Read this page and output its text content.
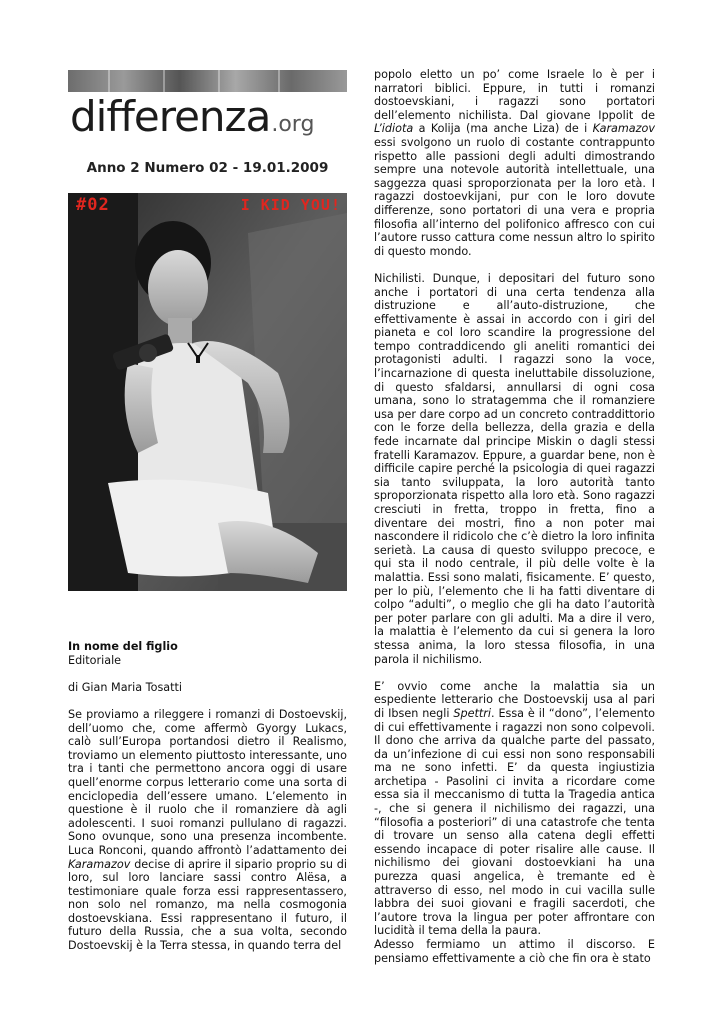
differenza.org
Anno 2 Numero 02 - 19.01.2009
#02	I KID YOU!
In nome del figlio
Editoriale

di Gian Maria Tosatti

Se proviamo a rileggere i romanzi di Dostoevskij, dell’uomo che, come affermò Gyorgy Lukacs, calò sull’Europa portandosi dietro il Realismo, troviamo un elemento piuttosto interessante, uno tra i tanti che permettono ancora oggi di usare quell’enorme corpus letterario come una sorta di enciclopedia dell’essere umano. L’elemento in questione è il ruolo che il romanziere dà agli adolescenti. I suoi romanzi pullulano di ragazzi. Sono ovunque, sono una presenza incombente. Luca Ronconi, quando affrontò l’adattamento dei Karamazov decise di aprire il sipario proprio su di loro, sul loro lanciare sassi contro Alësa, a testimoniare quale forza essi rappresentassero, non solo nel romanzo, ma nella cosmogonia dostoevskiana. Essi rappresentano il futuro, il futuro della Russia, che a sua volta, secondo Dostoevskij è la Terra stessa, in quando terra del

popolo eletto un po’ come Israele lo è per i narratori biblici. Eppure, in tutti i romanzi dostoevskiani, i ragazzi sono portatori dell’elemento nichilista. Dal giovane Ippolit de L’idiota a Kolija (ma anche Liza) de i Karamazov essi svolgono un ruolo di costante contrappunto rispetto alle passioni degli adulti dimostrando sempre una notevole autorità intellettuale, una saggezza quasi sproporzionata per la loro età. I ragazzi dostoevkijani, pur con le loro dovute differenze, sono portatori di una vera e propria filosofia all’interno del polifonico affresco con cui l’autore russo cattura come nessun altro lo spirito di questo mondo.

Nichilisti. Dunque, i depositari del futuro sono anche i portatori di una certa tendenza alla distruzione e all’auto-distruzione, che effettivamente è assai in accordo con i giri del pianeta e col loro scandire la progressione del tempo contraddicendo gli aneliti romantici dei protagonisti adulti. I ragazzi sono la voce, l’incarnazione di questa ineluttabile dissoluzione, di questo sfaldarsi, annullarsi di ogni cosa umana, sono lo stratagemma che il romanziere usa per dare corpo ad un concreto contraddittorio con le forze della bellezza, della grazia e della fede incarnate dal principe Miskin o dagli stessi fratelli Karamazov. Eppure, a guardar bene, non è difficile capire perché la psicologia di quei ragazzi sia tanto sviluppata, la loro autorità tanto sproporzionata rispetto alla loro età. Sono ragazzi cresciuti in fretta, troppo in fretta, fino a diventare dei mostri, fino a non poter mai nascondere il ridicolo che c’è dietro la loro infinita serietà. La causa di questo sviluppo precoce, e qui sta il nodo centrale, il più delle volte è la malattia. Essi sono malati, fisicamente. E’ questo, per lo più, l’elemento che li ha fatti diventare di colpo “adulti”, o meglio che gli ha dato l’autorità per poter parlare con gli adulti. Ma a dire il vero, la malattia è l’elemento da cui si genera la loro stessa anima, la loro stessa filosofia, in una parola il nichilismo.

E’ ovvio come anche la malattia sia un espediente letterario che Dostoevskij usa al pari di Ibsen negli Spettri. Essa è il “dono”, l’elemento di cui effettivamente i ragazzi non sono colpevoli. Il dono che arriva da qualche parte del passato, da un’infezione di cui essi non sono responsabili ma ne sono infetti. E’ da questa ingiustizia archetipa - Pasolini ci invita a ricordare come essa sia il meccanismo di tutta la Tragedia antica -, che si genera il nichilismo dei ragazzi, una “filosofia a posteriori” di una catastrofe che tenta di trovare un senso alla catena degli effetti essendo incapace di poter risalire alle cause. Il nichilismo dei giovani dostoevkiani ha una purezza quasi angelica, è tremante ed è attraverso di esso, nel modo in cui vacilla sulle labbra dei suoi giovani e fragili sacerdoti, che l’autore trova la lingua per poter affrontare con lucidità il tema della la paura.

Adesso fermiamo un attimo il discorso. E pensiamo effettivamente a ciò che fin ora è stato
